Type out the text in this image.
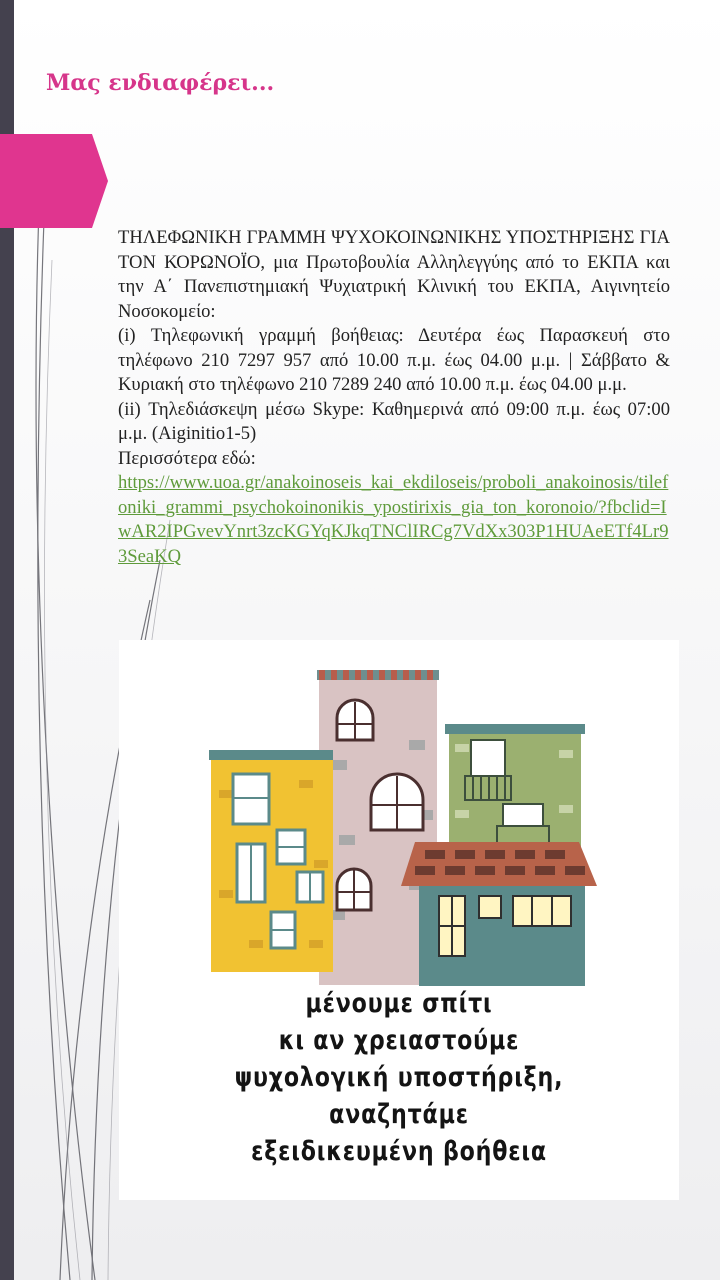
Μας ενδιαφέρει...

ΤΗΛΕΦΩΝΙΚΗ ΓΡΑΜΜΗ ΨΥΧΟΚΟΙΝΩΝΙΚΗΣ ΥΠΟΣΤΗΡΙΞΗΣ ΓΙΑ ΤΟΝ ΚΟΡΩΝΟΪΟ, μια Πρωτοβουλία Αλληλεγγύης από το ΕΚΠΑ και την Α΄ Πανεπιστημιακή Ψυχιατρική Κλινική του ΕΚΠΑ, Αιγινητείο Νοσοκομείο:

(i) Τηλεφωνική γραμμή βοήθειας: Δευτέρα έως Παρασκευή στο τηλέφωνο 210 7297 957 από 10.00 π.μ. έως 04.00 μ.μ. | Σάββατο & Κυριακή στο τηλέφωνο 210 7289 240 από 10.00 π.μ. έως 04.00 μ.μ.

(ii) Τηλεδιάσκεψη μέσω Skype: Καθημερινά από 09:00 π.μ. έως 07:00 μ.μ. (Aiginitio1-5)

Περισσότερα εδώ:

https://www.uoa.gr/anakoinoseis_kai_ekdiloseis/proboli_anakoinosis/tilefoniki_grammi_psychokoinonikis_ypostirixis_gia_ton_koronoio/?fbclid=IwAR2IPGvevYnrt3zcKGYqKJkqTNClIRCg7VdXx303P1HUAeETf4Lr93SeaKQ
μένουμε σπίτι
κι αν χρειαστούμε
ψυχολογική υποστήριξη,
αναζητάμε
εξειδικευμένη βοήθεια
